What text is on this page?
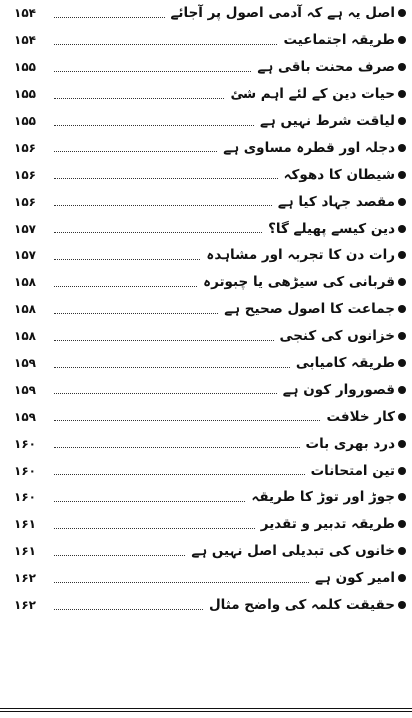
۱۵۴	اصل یہ ہے کہ آدمی اصول پر آجائے
۱۵۴	طریقہ اجتماعیت
۱۵۵	صرف محنت باقی ہے
۱۵۵	حیات دین کے لئے اہم شئ
۱۵۵	لیاقت شرط نہیں ہے
۱۵۶	دجلہ اور قطرہ مساوی ہے
۱۵۶	شیطان کا دھوکہ
۱۵۶	مقصد جہاد کیا ہے
۱۵۷	دین کیسے پھیلے گا؟
۱۵۷	رات دن کا تجربہ اور مشاہدہ
۱۵۸	قربانی کی سیڑھی یا چبوترہ
۱۵۸	جماعت کا اصول صحیح ہے
۱۵۸	خزانوں کی کنجی
۱۵۹	طریقہ کامیابی
۱۵۹	قصوروار کون ہے
۱۵۹	کار خلافت
۱۶۰	درد بھری بات
۱۶۰	تین امتحانات
۱۶۰	جوڑ اور توڑ کا طریقہ
۱۶۱	طریقہ تدبیر و تقدیر
۱۶۱	خانوں کی تبدیلی اصل نہیں ہے
۱۶۲	امیر کون ہے
۱۶۲	حقیقت کلمہ کی واضح مثال
